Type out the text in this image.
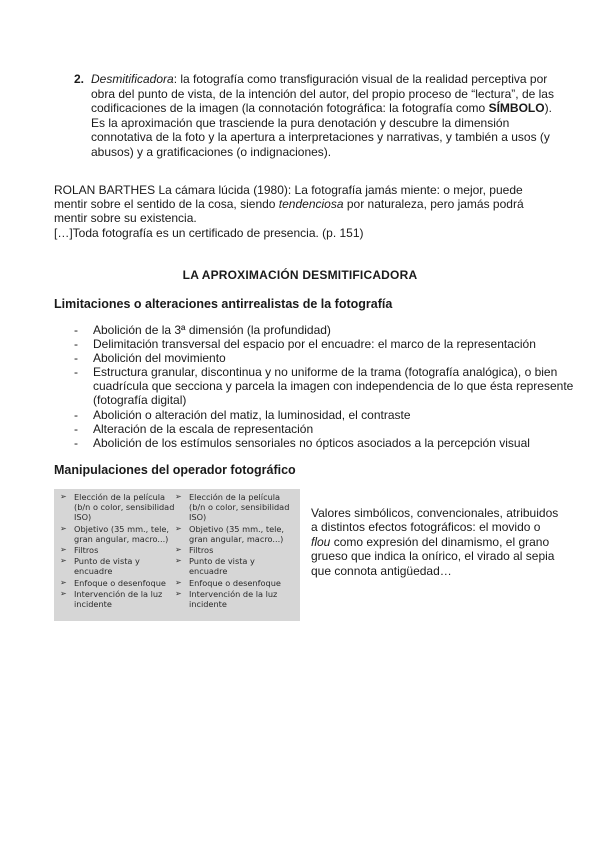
2. Desmitificadora: la fotografía como transfiguración visual de la realidad perceptiva por obra del punto de vista, de la intención del autor, del propio proceso de “lectura”, de las codificaciones de la imagen (la connotación fotográfica: la fotografía como SÍMBOLO). Es la aproximación que trasciende la pura denotación y descubre la dimensión connotativa de la foto y la apertura a interpretaciones y narrativas, y también a usos (y abusos) y a gratificaciones (o indignaciones).
ROLAN BARTHES La cámara lúcida (1980): La fotografía jamás miente: o mejor, puede mentir sobre el sentido de la cosa, siendo tendenciosa por naturaleza, pero jamás podrá mentir sobre su existencia.
[…]Toda fotografía es un certificado de presencia. (p. 151)
LA APROXIMACIÓN DESMITIFICADORA
Limitaciones o alteraciones antirrealistas de la fotografía
- Abolición de la 3ª dimensión (la profundidad)
- Delimitación transversal del espacio por el encuadre: el marco de la representación
- Abolición del movimiento
- Estructura granular, discontinua y no uniforme de la trama (fotografía analógica), o bien cuadrícula que secciona y parcela la imagen con independencia de lo que ésta represente (fotografía digital)
- Abolición o alteración del matiz, la luminosidad, el contraste
- Alteración de la escala de representación
- Abolición de los estímulos sensoriales no ópticos asociados a la percepción visual
Manipulaciones del operador fotográfico
➢ Elección de la película (b/n o color, sensibilidad ISO)
➢ Objetivo (35 mm., tele, gran angular, macro...)
➢ Filtros
➢ Punto de vista y encuadre
➢ Enfoque o desenfoque
➢ Intervención de la luz incidente
➢ Elección de la película (b/n o color, sensibilidad ISO)
➢ Objetivo (35 mm., tele, gran angular, macro...)
➢ Filtros
➢ Punto de vista y encuadre
➢ Enfoque o desenfoque
➢ Intervención de la luz incidente
Valores simbólicos, convencionales, atribuidos a distintos efectos fotográficos: el movido o flou como expresión del dinamismo, el grano grueso que indica la onírico, el virado al sepia que connota antigüedad…
